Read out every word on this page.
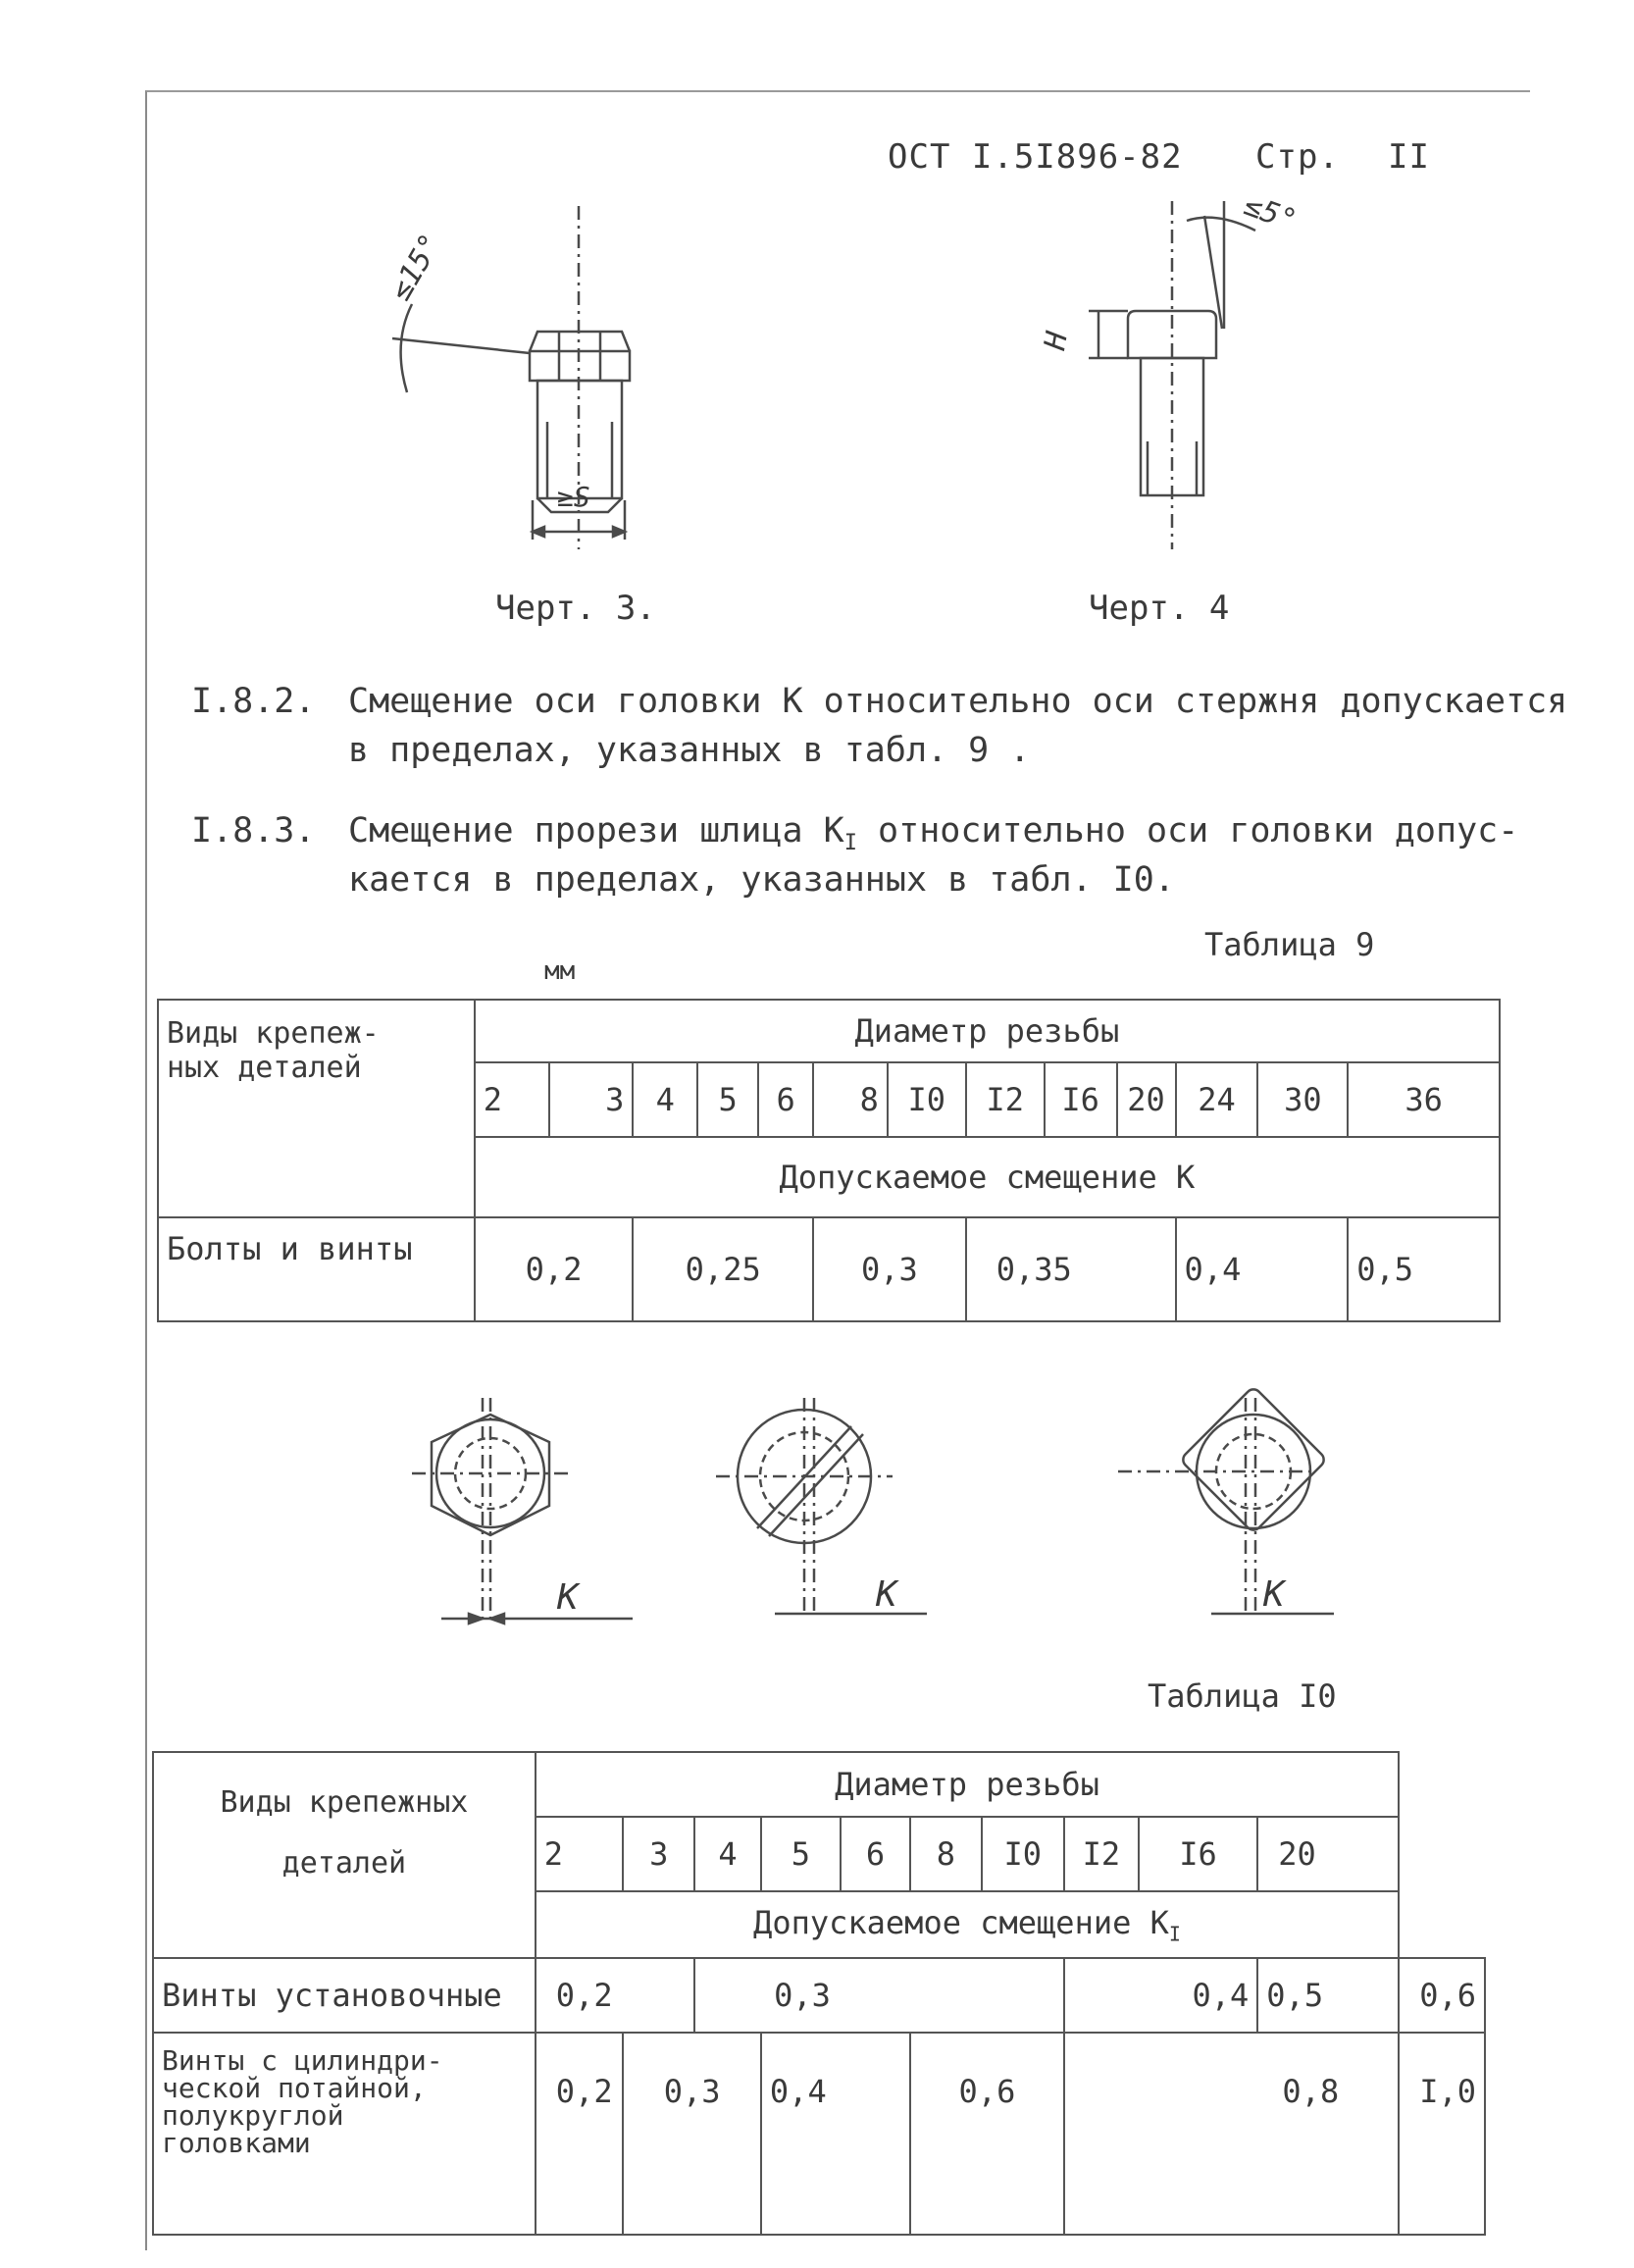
ОСТ I.5I896-82 Стр. II
≤15°
≥S
Черт. 3.
≤5°
H
Черт. 4
I.8.2. Смещение оси головки К относительно оси стержня допускается
в пределах, указанных в табл. 9 .
I.8.3. Смещение прорези шлица $К_I$ относительно оси головки допус-
кается в пределах, указанных в табл. I0.
Таблица 9
мм
Виды крепеж-
ных деталей	Диаметр резьбы												
	2	3	4	5	6	8	I0	I2	I6	20	24	30	36
	Допускаемое смещение К												
Болты и винты	0,2		0,25			0,3		0,35			0,4		0,5
K	K	K
Таблица I0
Виды крепежных
деталей	Диаметр резьбы										
	2	3	4	5	6	8	I0	I2	I6	20	
	Допускаемое смещение $К_I$
Винты установочные	0,2		0,3					0,4		0,5	0,6
Винты с цилиндри-
ческой потайной,
полукруглой
головками	0,2	0,3		0,4		0,6		0,8			I,0
